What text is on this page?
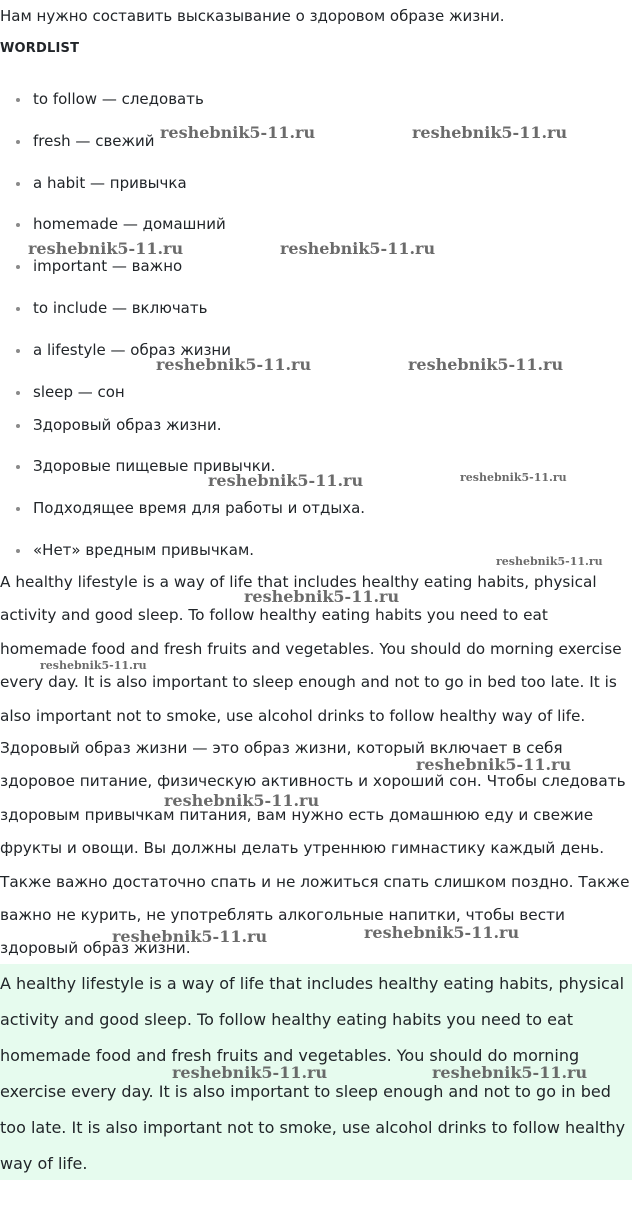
Нам нужно составить высказывание о здоровом образе жизни.

WORDLIST

to follow — следовать
fresh — свежий
a habit — привычка
homemade — домашний
important — важно
to include — включать
a lifestyle — образ жизни
sleep — сон
Здоровый образ жизни.
Здоровые пищевые привычки.
Подходящее время для работы и отдыха.
«Нет» вредным привычкам.

A healthy lifestyle is a way of life that includes healthy eating habits, physical activity and good sleep. To follow healthy eating habits you need to eat homemade food and fresh fruits and vegetables. You should do morning exercise every day. It is also important to sleep enough and not to go in bed too late. It is also important not to smoke, use alcohol drinks to follow healthy way of life.

Здоровый образ жизни — это образ жизни, который включает в себя здоровое питание, физическую активность и хороший сон. Чтобы следовать здоровым привычкам питания, вам нужно есть домашнюю еду и свежие фрукты и овощи. Вы должны делать утреннюю гимнастику каждый день. Также важно достаточно спать и не ложиться спать слишком поздно. Также важно не курить, не употреблять алкогольные напитки, чтобы вести здоровый образ жизни.

A healthy lifestyle is a way of life that includes healthy eating habits, physical activity and good sleep. To follow healthy eating habits you need to eat homemade food and fresh fruits and vegetables. You should do morning exercise every day. It is also important to sleep enough and not to go in bed too late. It is also important not to smoke, use alcohol drinks to follow healthy way of life.

reshebnik5-11.ru	reshebnik5-11.ru
reshebnik5-11.ru	reshebnik5-11.ru
reshebnik5-11.ru	reshebnik5-11.ru
reshebnik5-11.ru	reshebnik5-11.ru
reshebnik5-11.ru
reshebnik5-11.ru
reshebnik5-11.ru
reshebnik5-11.ru
reshebnik5-11.ru
reshebnik5-11.ru	reshebnik5-11.ru
reshebnik5-11.ru	reshebnik5-11.ru
